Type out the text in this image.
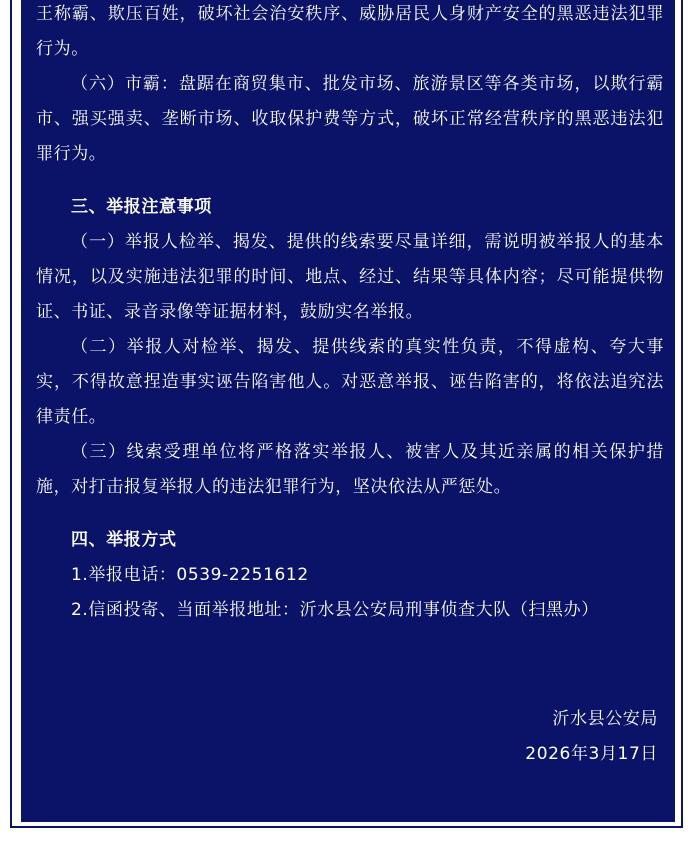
王称霸、欺压百姓，破坏社会治安秩序、威胁居民人身财产安全的黑恶违法犯罪行为。

（六）市霸：盘踞在商贸集市、批发市场、旅游景区等各类市场，以欺行霸市、强买强卖、垄断市场、收取保护费等方式，破坏正常经营秩序的黑恶违法犯罪行为。

三、举报注意事项

（一）举报人检举、揭发、提供的线索要尽量详细，需说明被举报人的基本情况，以及实施违法犯罪的时间、地点、经过、结果等具体内容；尽可能提供物证、书证、录音录像等证据材料，鼓励实名举报。

（二）举报人对检举、揭发、提供线索的真实性负责，不得虚构、夸大事实，不得故意捏造事实诬告陷害他人。对恶意举报、诬告陷害的，将依法追究法律责任。

（三）线索受理单位将严格落实举报人、被害人及其近亲属的相关保护措施，对打击报复举报人的违法犯罪行为，坚决依法从严惩处。

四、举报方式

1.举报电话：0539-2251612

2.信函投寄、当面举报地址：沂水县公安局刑事侦查大队（扫黑办）

沂水县公安局
2026年3月17日
